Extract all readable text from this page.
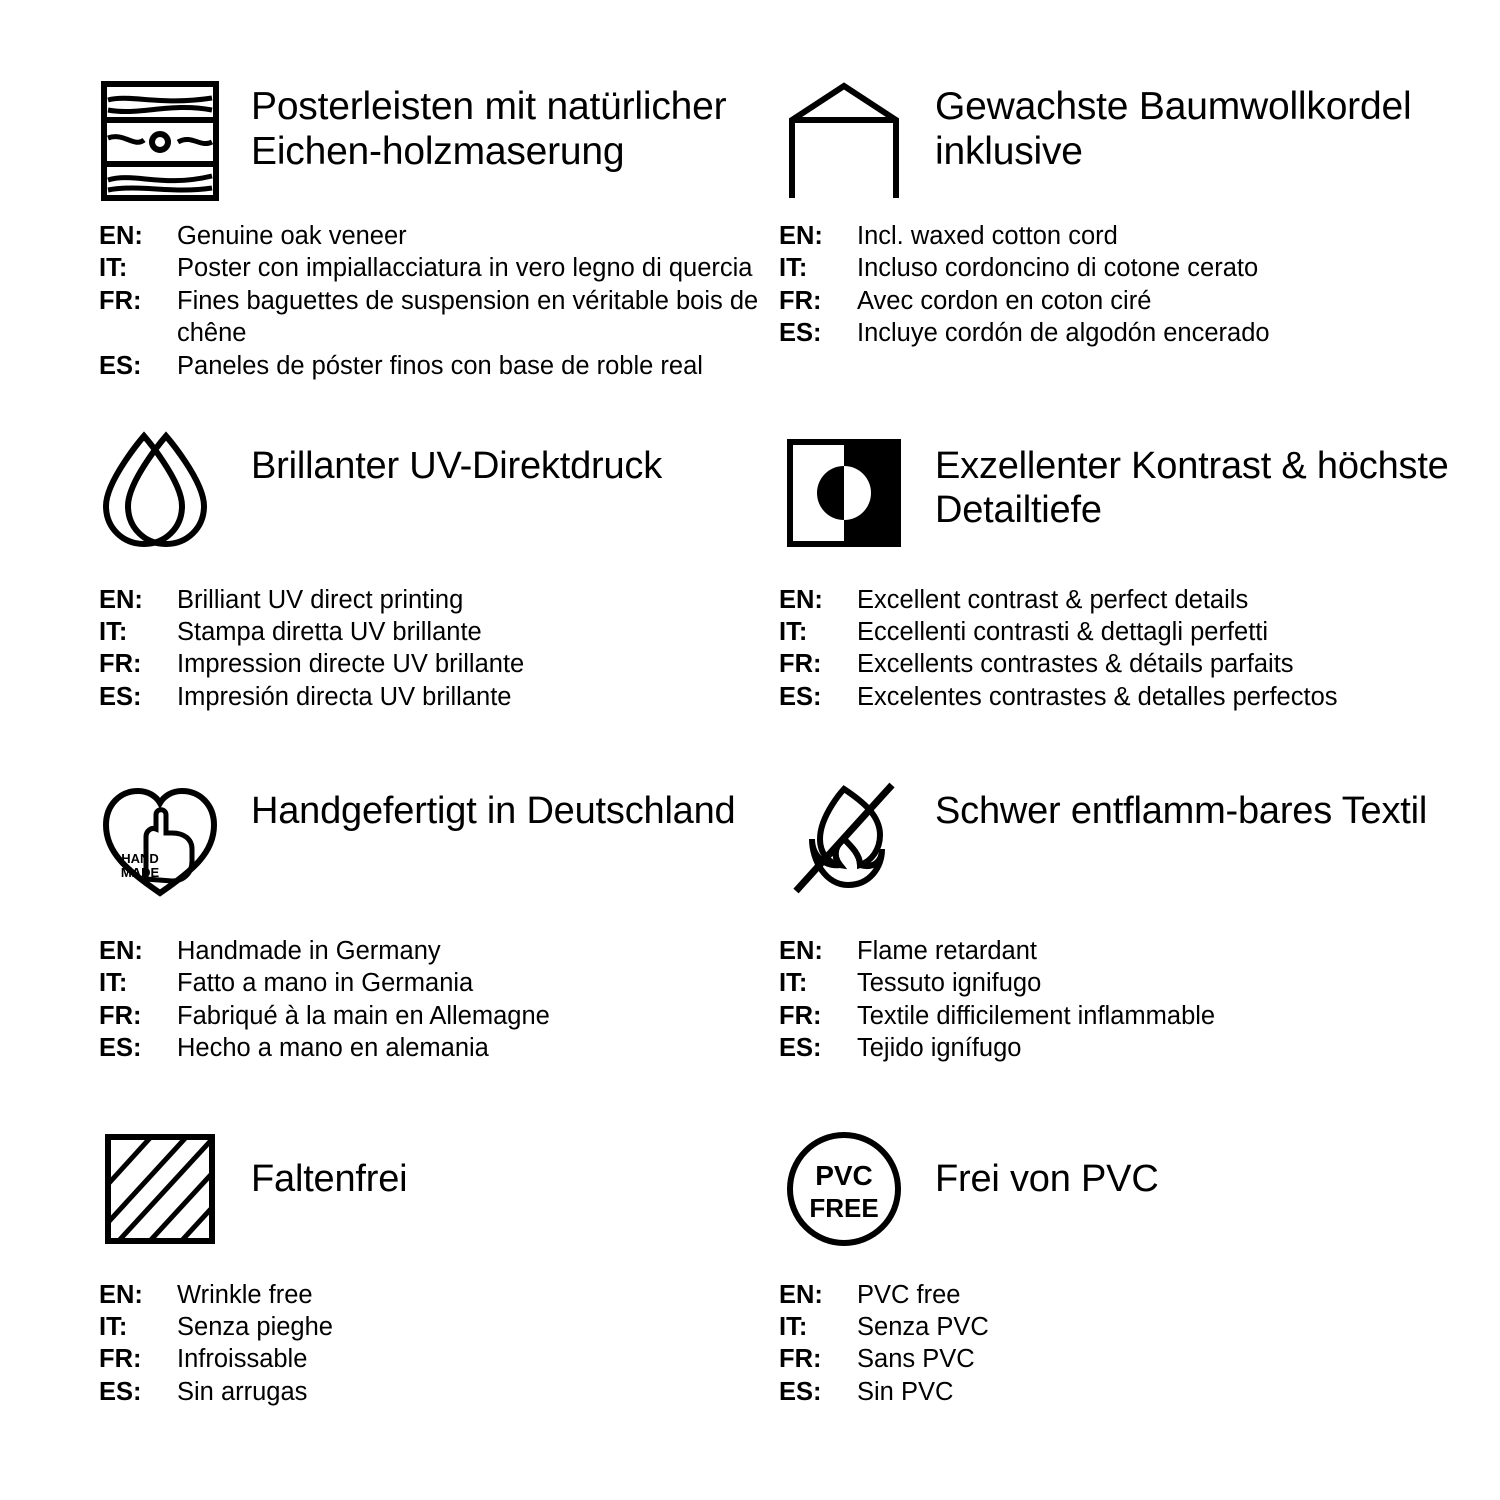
Posterleisten mit natürlicher Eichen-holzmaserung
EN:	Genuine oak veneer
IT:	Poster con impiallacciatura in vero legno di quercia
FR:	Fines baguettes de suspension en véritable bois de chêne
ES:	Paneles de póster finos con base de roble real
Gewachste Baumwollkordel inklusive
EN:	Incl. waxed cotton cord
IT:	Incluso cordoncino di cotone cerato
FR:	Avec cordon en coton ciré
ES:	Incluye cordón de algodón encerado
Brillanter UV-Direktdruck
EN:	Brilliant UV direct printing
IT:	Stampa diretta UV brillante
FR:	Impression directe UV brillante
ES:	Impresión directa UV brillante
Exzellenter Kontrast & höchste Detailtiefe
EN:	Excellent contrast & perfect details
IT:	Eccellenti contrasti & dettagli perfetti
FR:	Excellents contrastes & détails parfaits
ES:	Excelentes contrastes & detalles perfectos
HAND
MADE
Handgefertigt in Deutschland
EN:	Handmade in Germany
IT:	Fatto a mano in Germania
FR:	Fabriqué à la main en Allemagne
ES:	Hecho a mano en alemania
Schwer entflamm-bares Textil
EN:	Flame retardant
IT:	Tessuto ignifugo
FR:	Textile difficilement inflammable
ES:	Tejido ignífugo
Faltenfrei
EN:	Wrinkle free
IT:	Senza pieghe
FR:	Infroissable
ES:	Sin arrugas
PVC
FREE
Frei von PVC
EN:	PVC free
IT:	Senza PVC
FR:	Sans PVC
ES:	Sin PVC
